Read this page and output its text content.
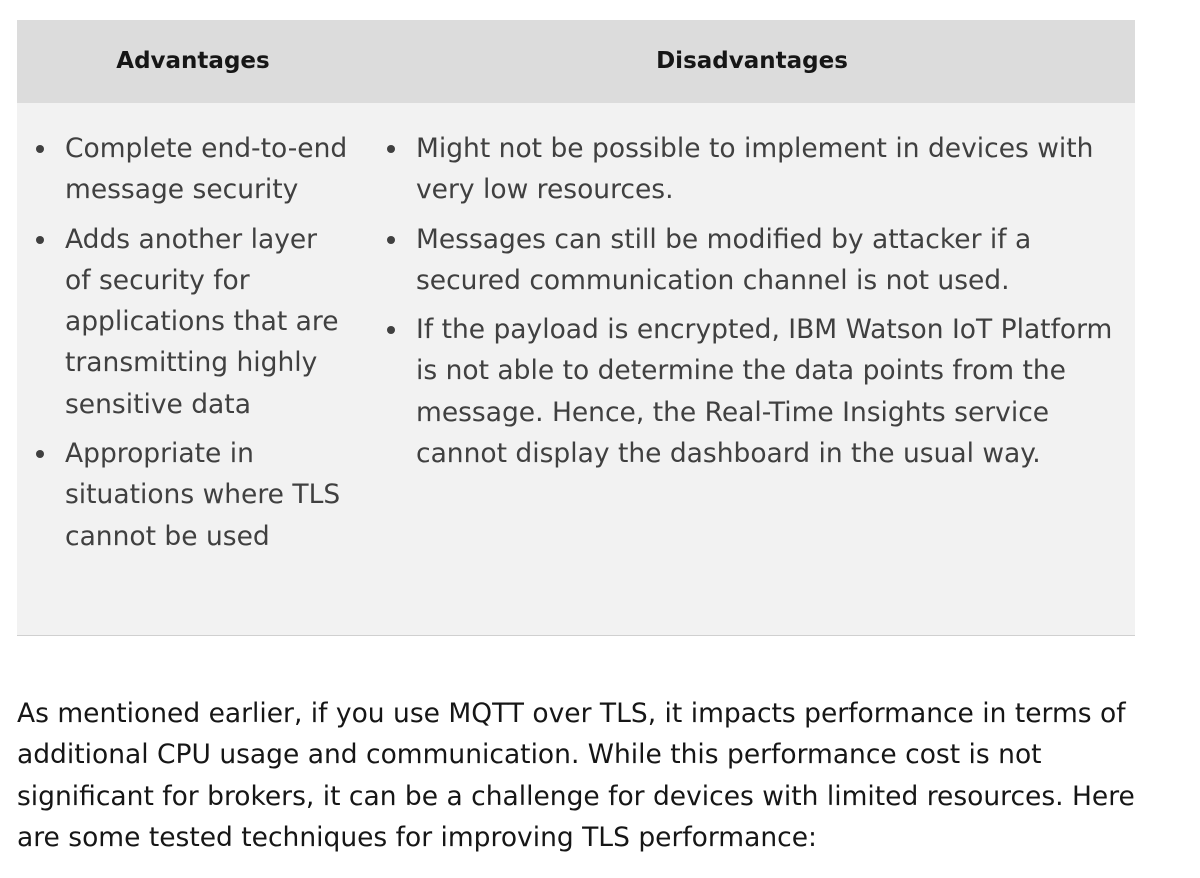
Advantages	Disadvantages
Complete end-to-end message security
Adds another layer of security for applications that are transmitting highly sensitive data
Appropriate in situations where TLS cannot be used
Might not be possible to implement in devices with very low resources.
Messages can still be modified by attacker if a secured communication channel is not used.
If the payload is encrypted, IBM Watson IoT Platform is not able to determine the data points from the message. Hence, the Real-Time Insights service cannot display the dashboard in the usual way.

As mentioned earlier, if you use MQTT over TLS, it impacts performance in terms of additional CPU usage and communication. While this performance cost is not significant for brokers, it can be a challenge for devices with limited resources. Here are some tested techniques for improving TLS performance:
